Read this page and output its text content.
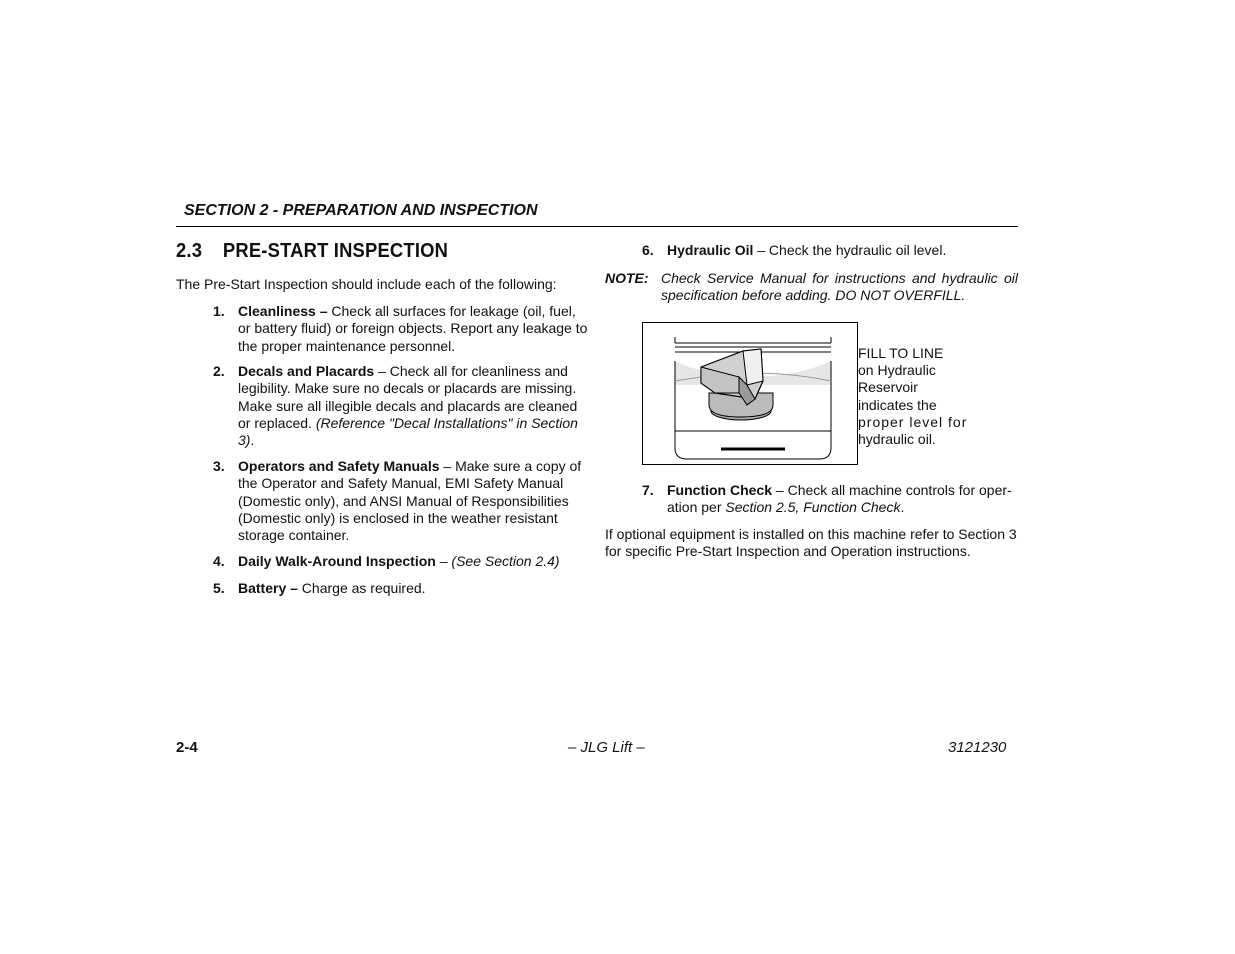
SECTION 2 - PREPARATION AND INSPECTION
2.3 PRE-START INSPECTION
The Pre-Start Inspection should include each of the following:
1. Cleanliness – Check all surfaces for leakage (oil, fuel, or battery fluid) or foreign objects. Report any leakage to the proper maintenance personnel.
2. Decals and Placards – Check all for cleanliness and legibility. Make sure no decals or placards are missing. Make sure all illegible decals and placards are cleaned or replaced. (Reference "Decal Installations" in Section 3).
3. Operators and Safety Manuals – Make sure a copy of the Operator and Safety Manual, EMI Safety Manual (Domestic only), and ANSI Manual of Responsibilities (Domestic only) is enclosed in the weather resistant storage container.
4. Daily Walk-Around Inspection – (See Section 2.4)
5. Battery – Charge as required.
6. Hydraulic Oil – Check the hydraulic oil level.
NOTE: Check Service Manual for instructions and hydraulic oil specification before adding. DO NOT OVERFILL.
FILL TO LINE
on Hydraulic
Reservoir
indicates the
proper level for
hydraulic oil.
7. Function Check – Check all machine controls for oper-ation per Section 2.5, Function Check.
If optional equipment is installed on this machine refer to Section 3 for specific Pre-Start Inspection and Operation instructions.
2-4	– JLG Lift –	3121230
